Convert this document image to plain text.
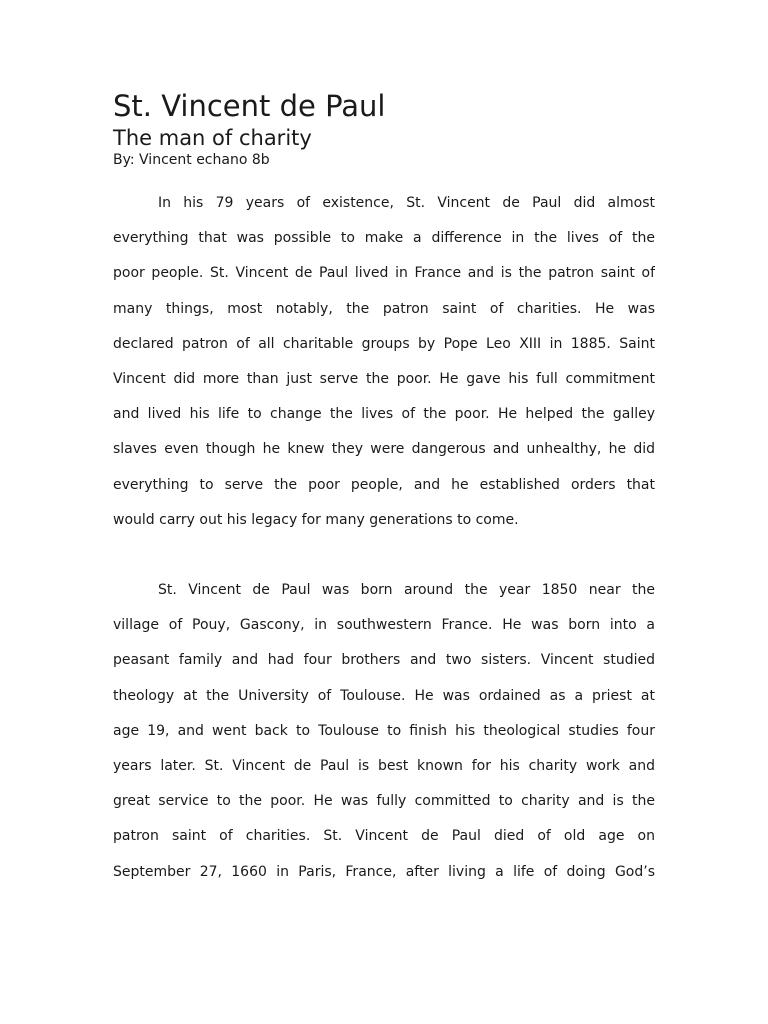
St. Vincent de Paul
The man of charity
By: Vincent echano 8b
In his 79 years of existence, St. Vincent de Paul did almost
everything that was possible to make a difference in the lives of the
poor people. St. Vincent de Paul lived in France and is the patron saint of
many things, most notably, the patron saint of charities. He was
declared patron of all charitable groups by Pope Leo XIII in 1885. Saint
Vincent did more than just serve the poor. He gave his full commitment
and lived his life to change the lives of the poor. He helped the galley
slaves even though he knew they were dangerous and unhealthy, he did
everything to serve the poor people, and he established orders that
would carry out his legacy for many generations to come.
St. Vincent de Paul was born around the year 1850 near the
village of Pouy, Gascony, in southwestern France. He was born into a
peasant family and had four brothers and two sisters. Vincent studied
theology at the University of Toulouse. He was ordained as a priest at
age 19, and went back to Toulouse to finish his theological studies four
years later. St. Vincent de Paul is best known for his charity work and
great service to the poor. He was fully committed to charity and is the
patron saint of charities. St. Vincent de Paul died of old age on
September 27, 1660 in Paris, France, after living a life of doing God’s
